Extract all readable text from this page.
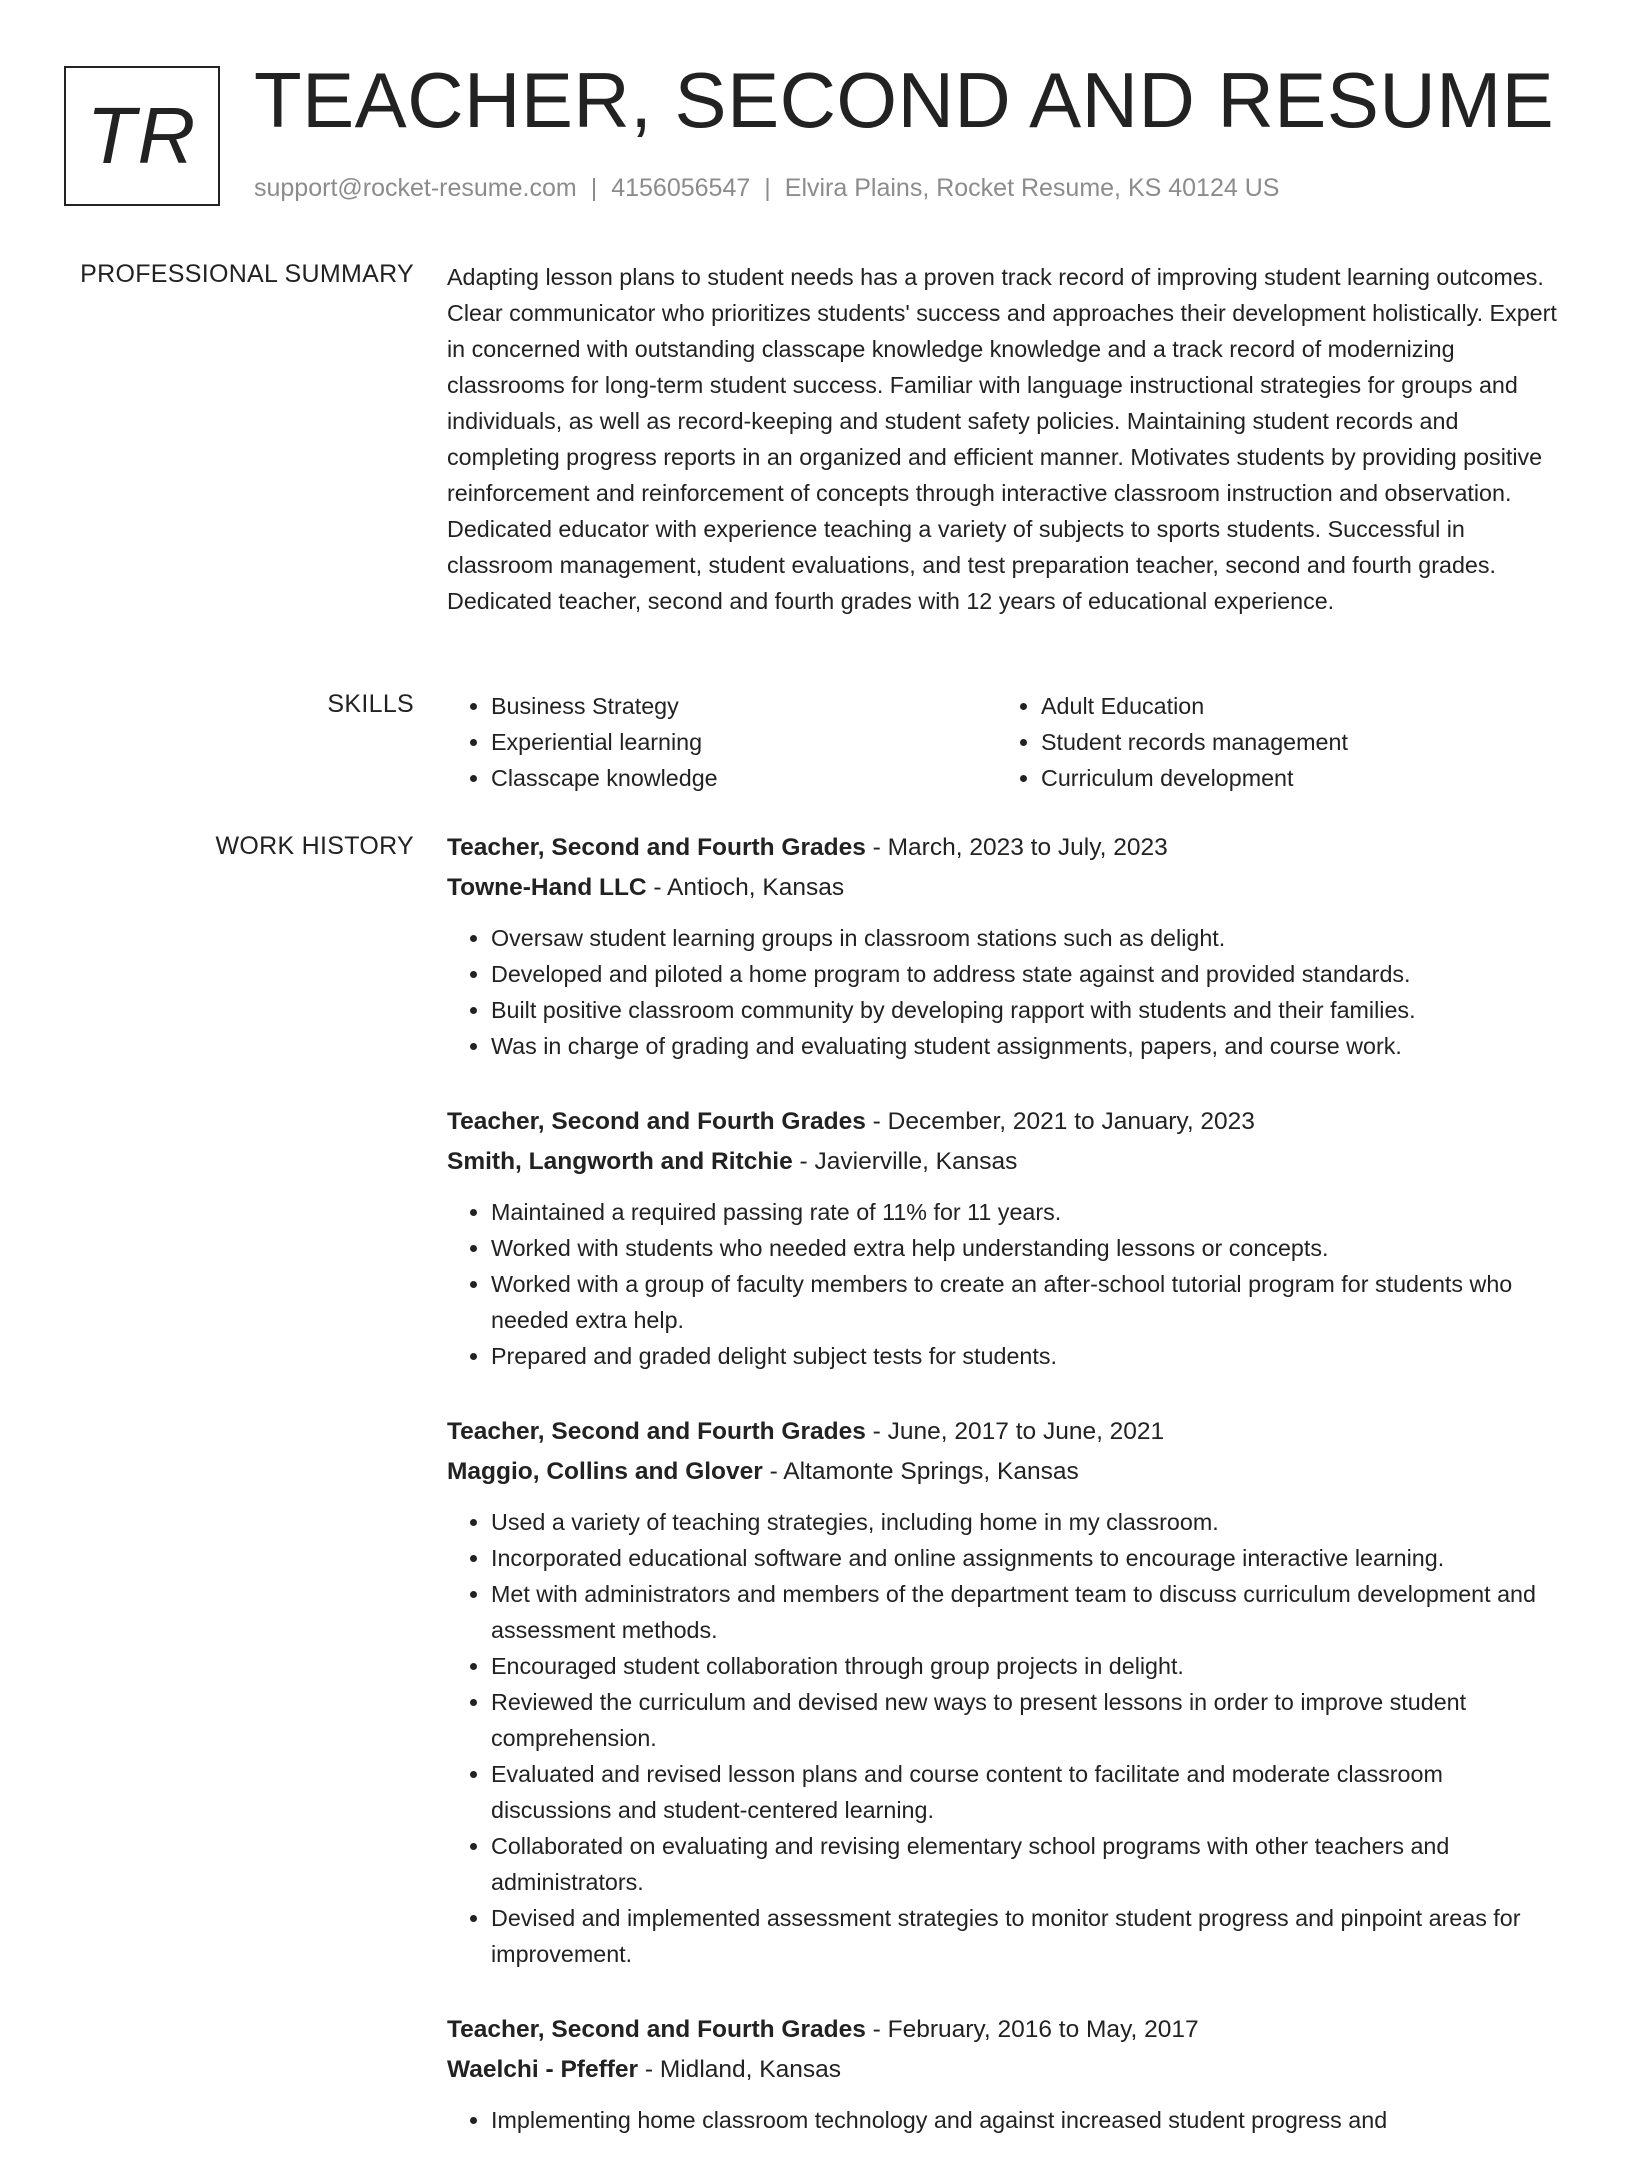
TR TEACHER, SECOND AND RESUME
support@rocket-resume.com | 4156056547 | Elvira Plains, Rocket Resume, KS 40124 US
PROFESSIONAL SUMMARY Adapting lesson plans to student needs has a proven track record of improving student learning outcomes. Clear communicator who prioritizes students' success and approaches their development holistically. Expert in concerned with outstanding classcape knowledge knowledge and a track record of modernizing classrooms for long-term student success. Familiar with language instructional strategies for groups and individuals, as well as record-keeping and student safety policies. Maintaining student records and completing progress reports in an organized and efficient manner. Motivates students by providing positive reinforcement and reinforcement of concepts through interactive classroom instruction and observation. Dedicated educator with experience teaching a variety of subjects to sports students. Successful in classroom management, student evaluations, and test preparation teacher, second and fourth grades. Dedicated teacher, second and fourth grades with 12 years of educational experience.

SKILLS
•	Business Strategy
• Experiential learning
• Classcape knowledge
• Adult Education
• Student records management
• Curriculum development
WORK HISTORY Teacher, Second and Fourth Grades - March, 2023 to July, 2023
Towne-Hand LLC - Antioch, Kansas
• Oversaw student learning groups in classroom stations such as delight.
• Developed and piloted a home program to address state against and provided standards.
• Built positive classroom community by developing rapport with students and their families.
• Was in charge of grading and evaluating student assignments, papers, and course work.
Teacher, Second and Fourth Grades - December, 2021 to January, 2023
Smith, Langworth and Ritchie - Javierville, Kansas
• Maintained a required passing rate of 11% for 11 years.
• Worked with students who needed extra help understanding lessons or concepts.
• Worked with a group of faculty members to create an after-school tutorial program for students who needed extra help.
• Prepared and graded delight subject tests for students.
Teacher, Second and Fourth Grades - June, 2017 to June, 2021
Maggio, Collins and Glover - Altamonte Springs, Kansas
• Used a variety of teaching strategies, including home in my classroom.
• Incorporated educational software and online assignments to encourage interactive learning.
• Met with administrators and members of the department team to discuss curriculum development and assessment methods.
• Encouraged student collaboration through group projects in delight.
• Reviewed the curriculum and devised new ways to present lessons in order to improve student comprehension.
• Evaluated and revised lesson plans and course content to facilitate and moderate classroom discussions and student-centered learning.
• Collaborated on evaluating and revising elementary school programs with other teachers and administrators.
• Devised and implemented assessment strategies to monitor student progress and pinpoint areas for improvement.
Teacher, Second and Fourth Grades - February, 2016 to May, 2017
Waelchi - Pfeffer - Midland, Kansas
• Implementing home classroom technology and against increased student progress and
